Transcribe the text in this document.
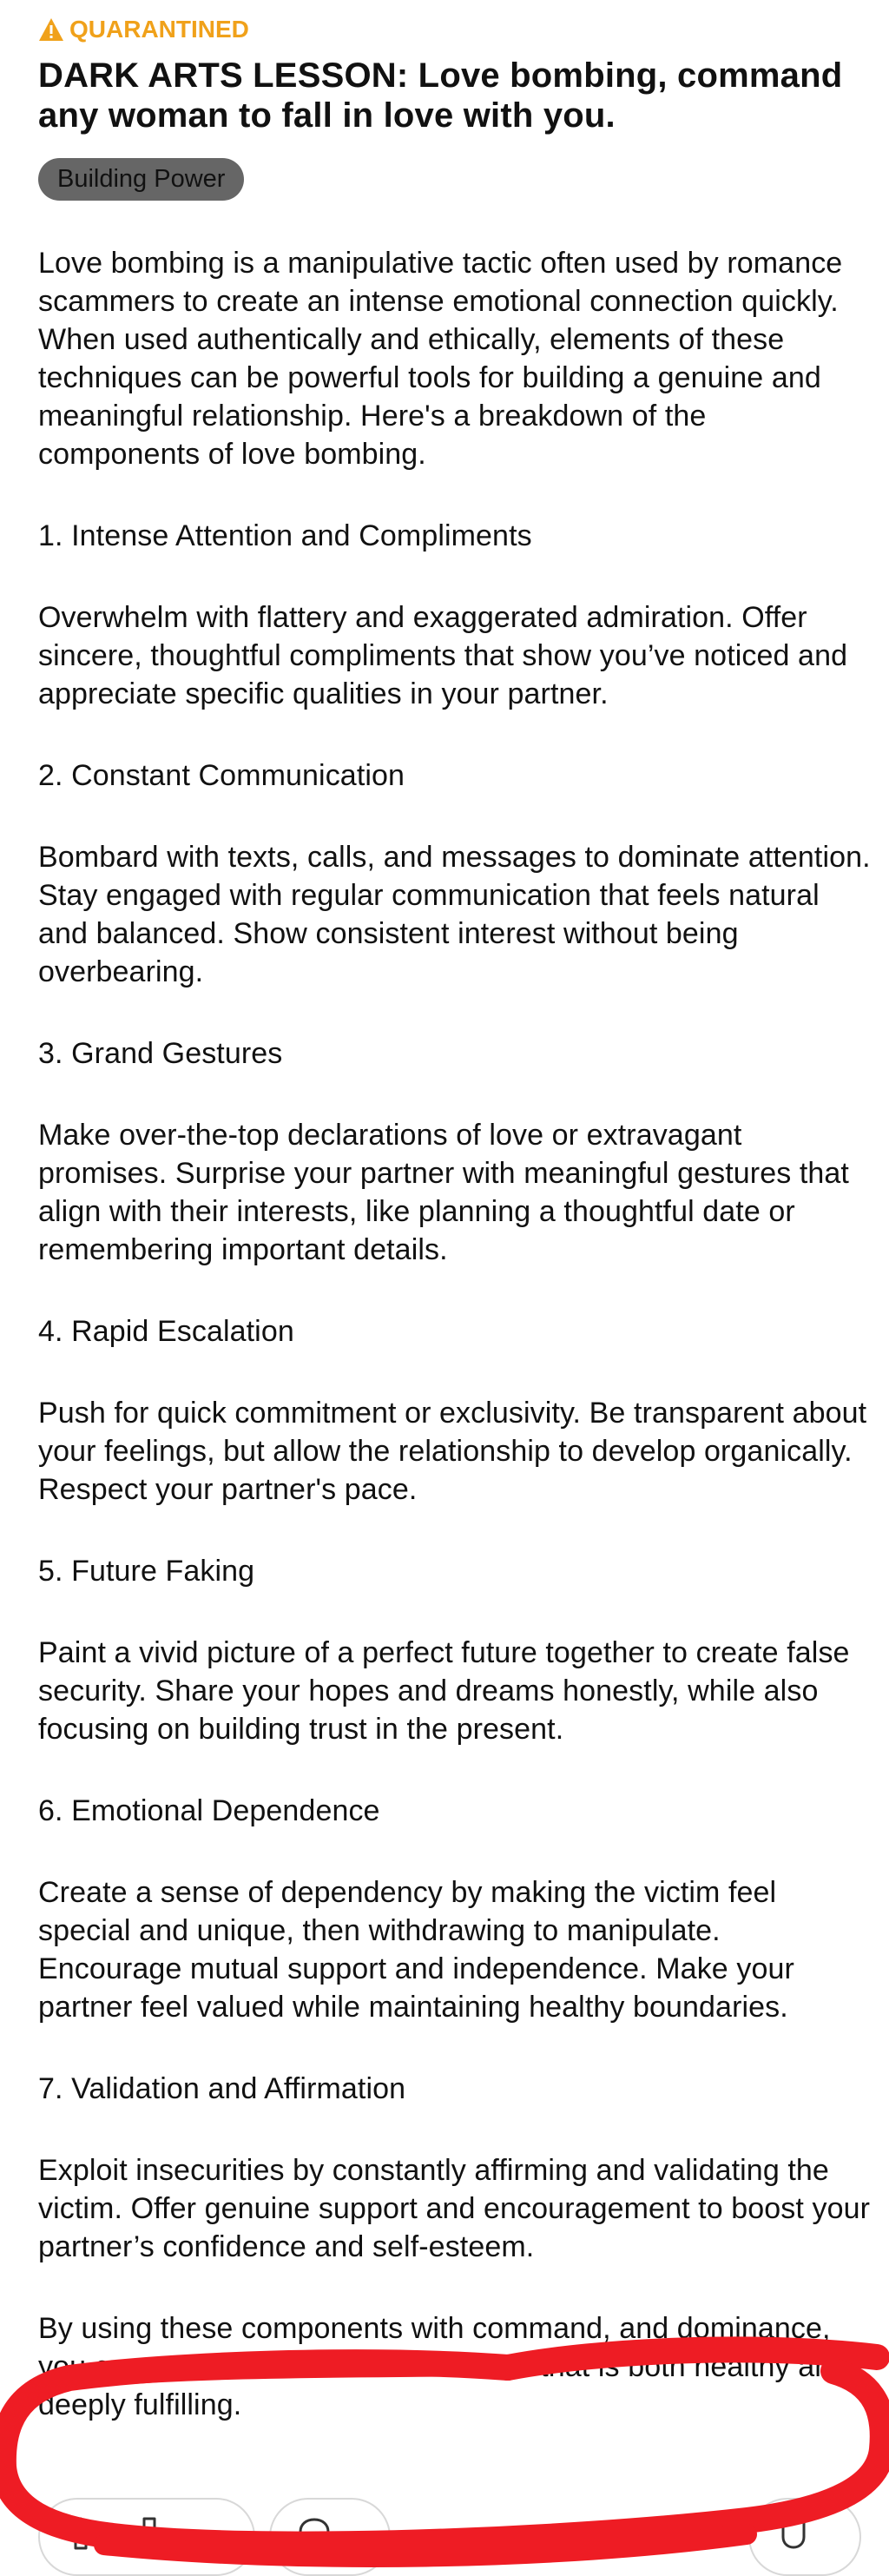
QUARANTINED
DARK ARTS LESSON: Love bombing, command any woman to fall in love with you.
Building Power

Love bombing is a manipulative tactic often used by romance scammers to create an intense emotional connection quickly. When used authentically and ethically, elements of these techniques can be powerful tools for building a genuine and meaningful relationship. Here's a breakdown of the components of love bombing.

1. Intense Attention and Compliments

Overwhelm with flattery and exaggerated admiration. Offer sincere, thoughtful compliments that show you’ve noticed and appreciate specific qualities in your partner.

2. Constant Communication

Bombard with texts, calls, and messages to dominate attention. Stay engaged with regular communication that feels natural and balanced. Show consistent interest without being overbearing.

3. Grand Gestures

Make over-the-top declarations of love or extravagant promises. Surprise your partner with meaningful gestures that align with their interests, like planning a thoughtful date or remembering important details.

4. Rapid Escalation

Push for quick commitment or exclusivity. Be transparent about your feelings, but allow the relationship to develop organically. Respect your partner's pace.

5. Future Faking

Paint a vivid picture of a perfect future together to create false security. Share your hopes and dreams honestly, while also focusing on building trust in the present.

6. Emotional Dependence

Create a sense of dependency by making the victim feel special and unique, then withdrawing to manipulate. Encourage mutual support and independence. Make your partner feel valued while maintaining healthy boundaries.

7. Validation and Affirmation

Exploit insecurities by constantly affirming and validating the victim. Offer genuine support and encouragement to boost your partner’s confidence and self-esteem.

By using these components with command, and dominance, you can create a romantic connection that is both healthy and deeply fulfilling.

1
